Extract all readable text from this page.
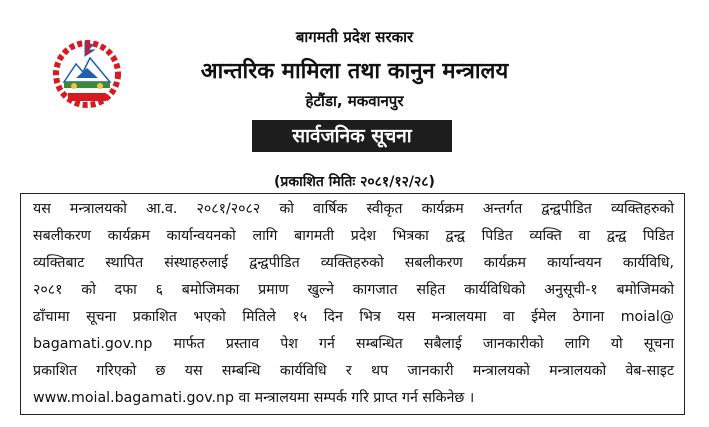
बागमती प्रदेश सरकार
आन्तरिक मामिला तथा कानुन मन्त्रालय
हेटौंडा, मकवानपुर
सार्वजनिक सूचना
(प्रकाशित मितिः २०८१/१२/२८)
यस मन्त्रालयको आ.व. २०८१/२०८२ को वार्षिक स्वीकृत कार्यक्रम अन्तर्गत द्वन्द्वपीडित व्यक्तिहरुको
सबलीकरण कार्यक्रम कार्यान्वयनको लागि बागमती प्रदेश भित्रका द्वन्द्व पिडित व्यक्ति वा द्वन्द्व पिडित
व्यक्तिबाट स्थापित संस्थाहरुलाई द्वन्द्वपीडित व्यक्तिहरुको सबलीकरण कार्यक्रम कार्यान्वयन कार्यविधि,
२०८१ को दफा ६ बमोजिमका प्रमाण खुल्ने कागजात सहित कार्यविधिको अनुसूची-१ बमोजिमको
ढाँचामा सूचना प्रकाशित भएको मितिले १५ दिन भित्र यस मन्त्रालयमा वा ईमेल ठेगाना moial@
bagamati.gov.np मार्फत प्रस्ताव पेश गर्न सम्बन्धित सबैलाई जानकारीको लागि यो सूचना
प्रकाशित गरिएको छ यस सम्बन्धि कार्यविधि र थप जानकारी मन्त्रालयको मन्त्रालयको वेब-साइट
www.moial.bagamati.gov.np वा मन्त्रालयमा सम्पर्क गरि प्राप्त गर्न सकिनेछ ।
